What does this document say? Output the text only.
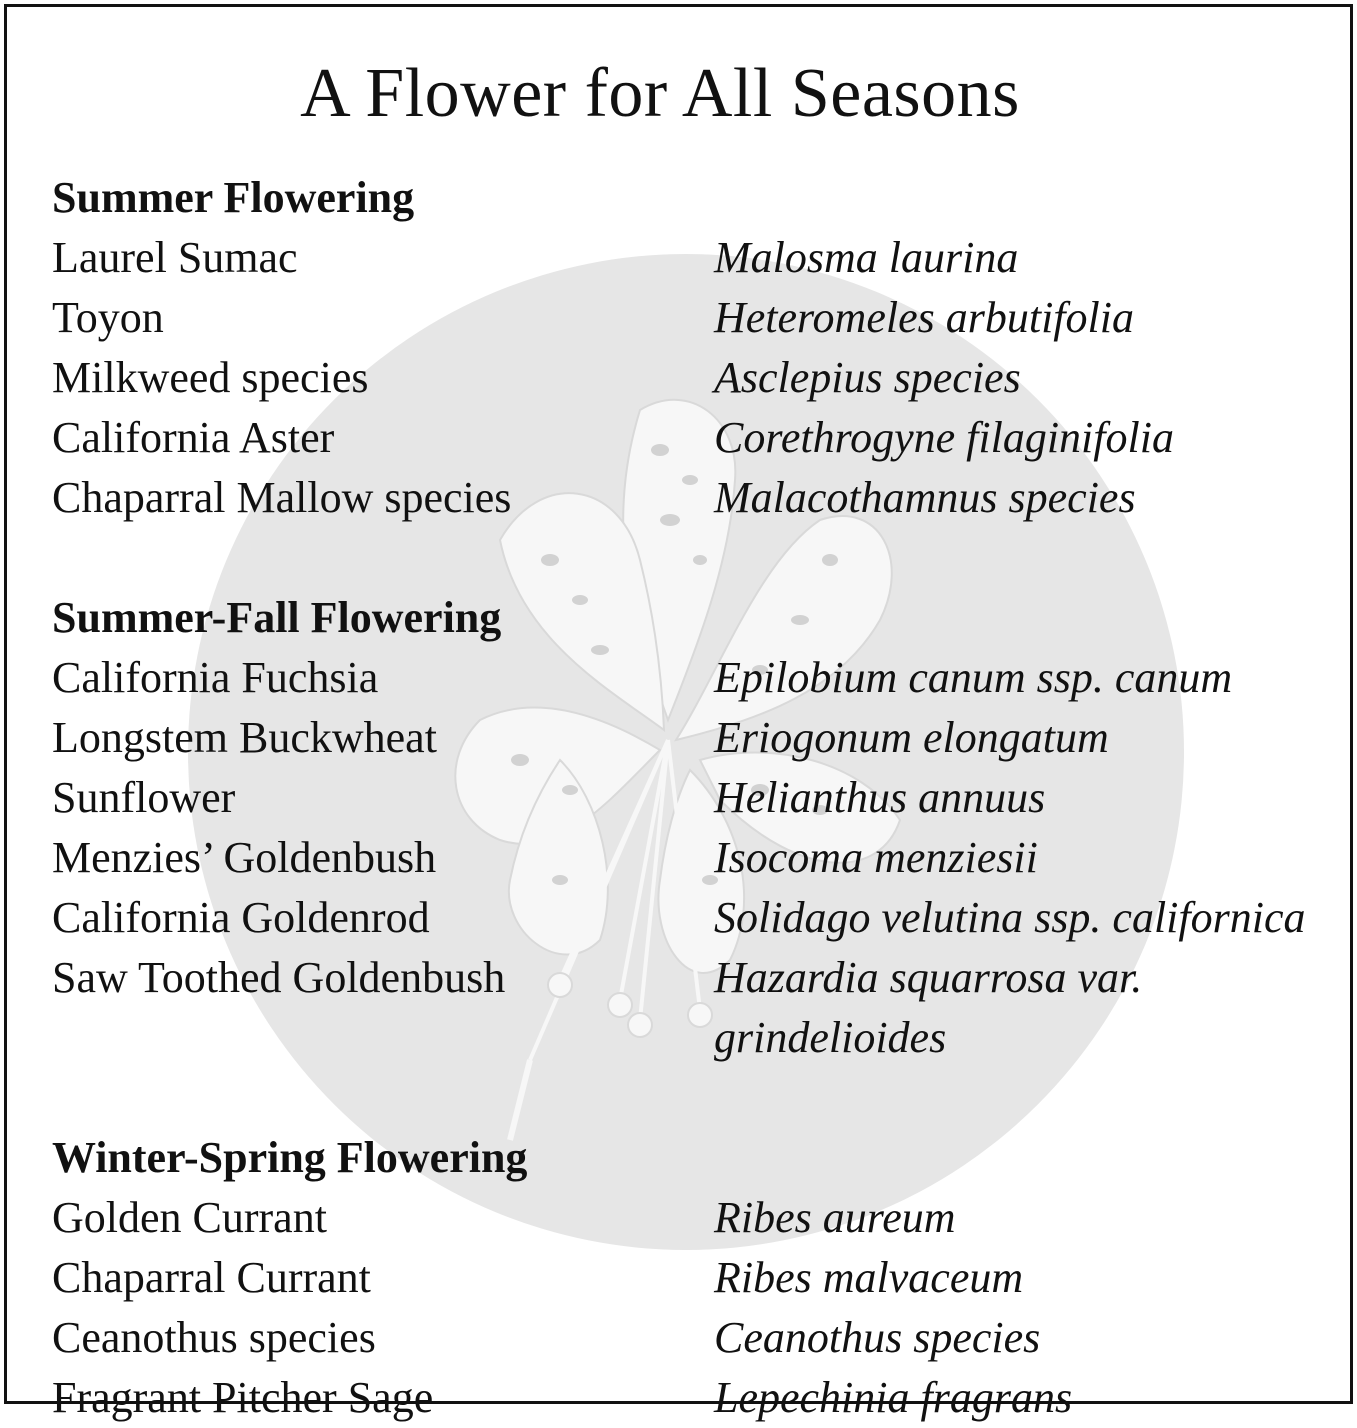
A Flower for All Seasons
Summer Flowering
Laurel Sumac	Malosma laurina
Toyon	Heteromeles arbutifolia
Milkweed species	Asclepius species
California Aster	Corethrogyne filaginifolia
Chaparral Mallow species	Malacothamnus species
Summer-Fall Flowering
California Fuchsia	Epilobium canum ssp. canum
Longstem Buckwheat	Eriogonum elongatum
Sunflower	Helianthus annuus
Menzies’ Goldenbush	Isocoma menziesii
California Goldenrod	Solidago velutina ssp. californica
Saw Toothed Goldenbush	Hazardia squarrosa var.
grindelioides
Winter-Spring Flowering
Golden Currant	Ribes aureum
Chaparral Currant	Ribes malvaceum
Ceanothus species	Ceanothus species
Fragrant Pitcher Sage	Lepechinia fragrans
